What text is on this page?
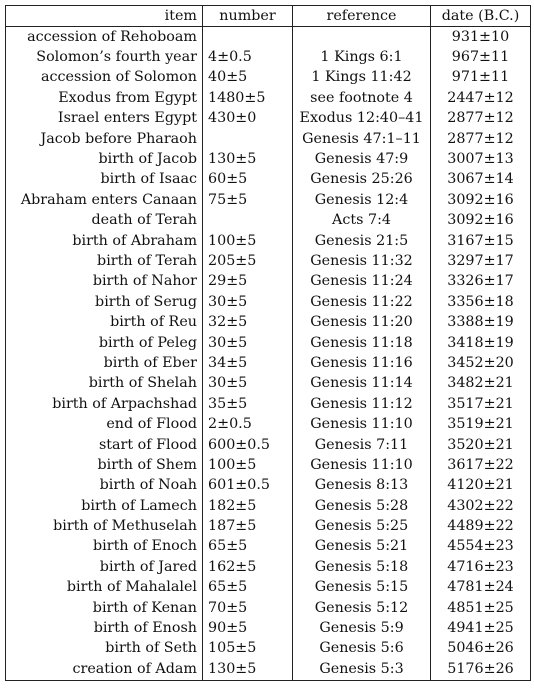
item	number	reference	date (B.C.)
accession of Rehoboam			931±10
Solomon’s fourth year	4±0.5	1 Kings 6:1	967±11
accession of Solomon	40±5	1 Kings 11:42	971±11
Exodus from Egypt	1480±5	see footnote 4	2447±12
Israel enters Egypt	430±0	Exodus 12:40–41	2877±12
Jacob before Pharaoh		Genesis 47:1–11	2877±12
birth of Jacob	130±5	Genesis 47:9	3007±13
birth of Isaac	60±5	Genesis 25:26	3067±14
Abraham enters Canaan	75±5	Genesis 12:4	3092±16
death of Terah		Acts 7:4	3092±16
birth of Abraham	100±5	Genesis 21:5	3167±15
birth of Terah	205±5	Genesis 11:32	3297±17
birth of Nahor	29±5	Genesis 11:24	3326±17
birth of Serug	30±5	Genesis 11:22	3356±18
birth of Reu	32±5	Genesis 11:20	3388±19
birth of Peleg	30±5	Genesis 11:18	3418±19
birth of Eber	34±5	Genesis 11:16	3452±20
birth of Shelah	30±5	Genesis 11:14	3482±21
birth of Arpachshad	35±5	Genesis 11:12	3517±21
end of Flood	2±0.5	Genesis 11:10	3519±21
start of Flood	600±0.5	Genesis 7:11	3520±21
birth of Shem	100±5	Genesis 11:10	3617±22
birth of Noah	601±0.5	Genesis 8:13	4120±21
birth of Lamech	182±5	Genesis 5:28	4302±22
birth of Methuselah	187±5	Genesis 5:25	4489±22
birth of Enoch	65±5	Genesis 5:21	4554±23
birth of Jared	162±5	Genesis 5:18	4716±23
birth of Mahalalel	65±5	Genesis 5:15	4781±24
birth of Kenan	70±5	Genesis 5:12	4851±25
birth of Enosh	90±5	Genesis 5:9	4941±25
birth of Seth	105±5	Genesis 5:6	5046±26
creation of Adam	130±5	Genesis 5:3	5176±26
